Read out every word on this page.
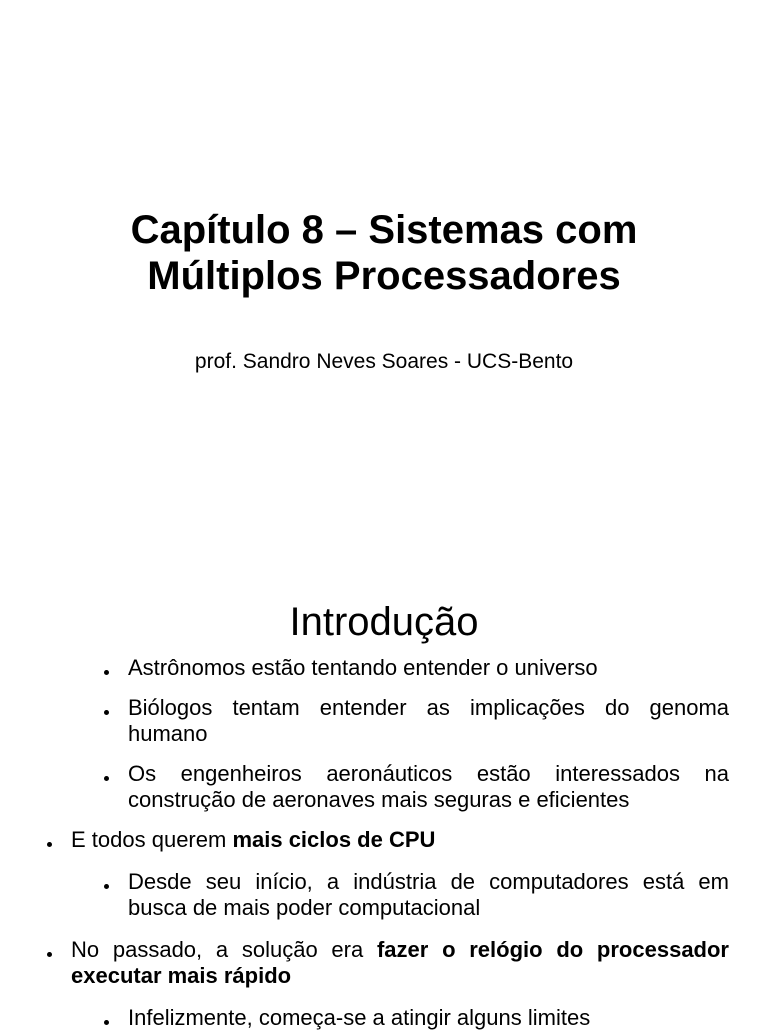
Capítulo 8 – Sistemas com
Múltiplos Processadores

prof. Sandro Neves Soares - UCS-Bento

Introdução
Astrônomos estão tentando entender o universo
Biólogos tentam entender as implicações do genoma humano
Os engenheiros aeronáuticos estão interessados na construção de aeronaves mais seguras e eficientes
E todos querem mais ciclos de CPU
Desde seu início, a indústria de computadores está em busca de mais poder computacional
No passado, a solução era fazer o relógio do processador executar mais rápido
Infelizmente, começa-se a atingir alguns limites
